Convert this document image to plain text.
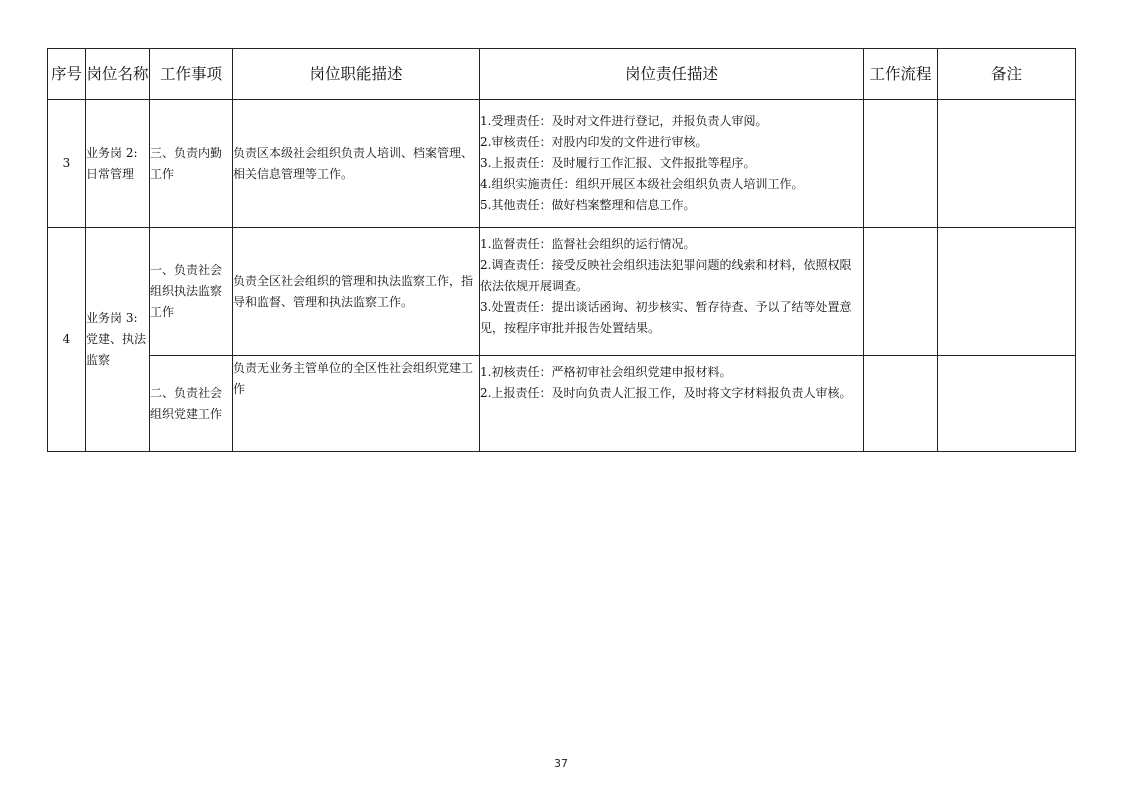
序号	岗位名称	工作事项	岗位职能描述	岗位责任描述	工作流程	备注
3	业务岗 2:日常管理	三、负责内勤工作	负责区本级社会组织负责人培训、档案管理、相关信息管理等工作。	1.受理责任：及时对文件进行登记，并报负责人审阅。
2.审核责任：对股内印发的文件进行审核。
3.上报责任：及时履行工作汇报、文件报批等程序。
4.组织实施责任：组织开展区本级社会组织负责人培训工作。
5.其他责任：做好档案整理和信息工作。		

4	业务岗 3:党建、执法监察	一、负责社会组织执法监察工作	负责全区社会组织的管理和执法监察工作，指导和监督、管理和执法监察工作。	1.监督责任：监督社会组织的运行情况。
2.调查责任：接受反映社会组织违法犯罪问题的线索和材料，依照权限依法依规开展调查。
3.处置责任：提出谈话函询、初步核实、暂存待查、予以了结等处置意见，按程序审批并报告处置结果。		

		二、负责社会组织党建工作	负责无业务主管单位的全区性社会组织党建工作	1.初核责任：严格初审社会组织党建申报材料。
2.上报责任：及时向负责人汇报工作，及时将文字材料报负责人审核。		

37
